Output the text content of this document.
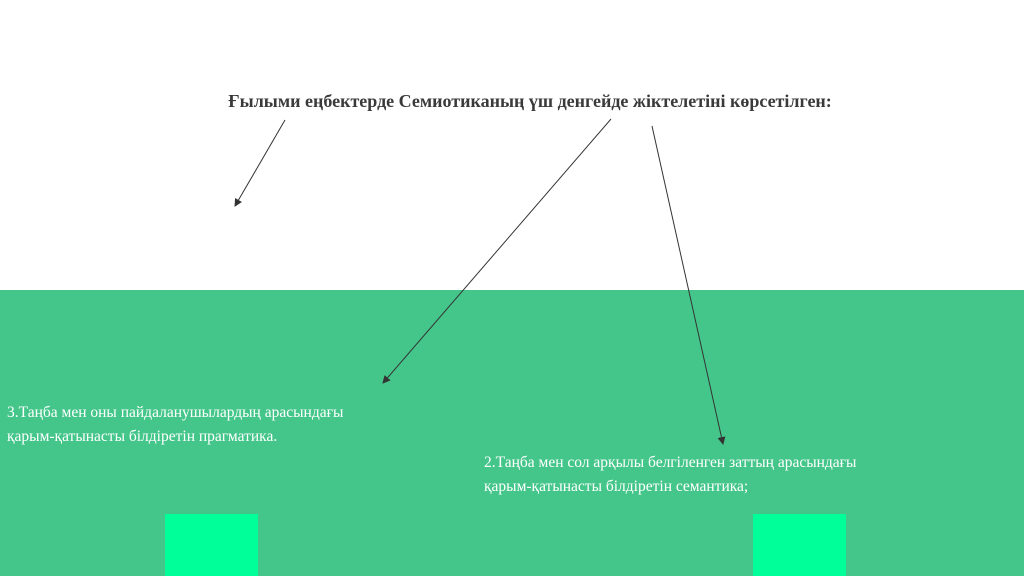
Ғылыми еңбектерде Семиотиканың үш денгейде жіктелетіні көрсетілген:

3.Таңба мен оны пайдаланушылардың арасындағы
қарым-қатынасты білдіретін прагматика.

2.Таңба мен сол арқылы белгіленген заттың арасындағы
қарым-қатынасты білдіретін семантика;
